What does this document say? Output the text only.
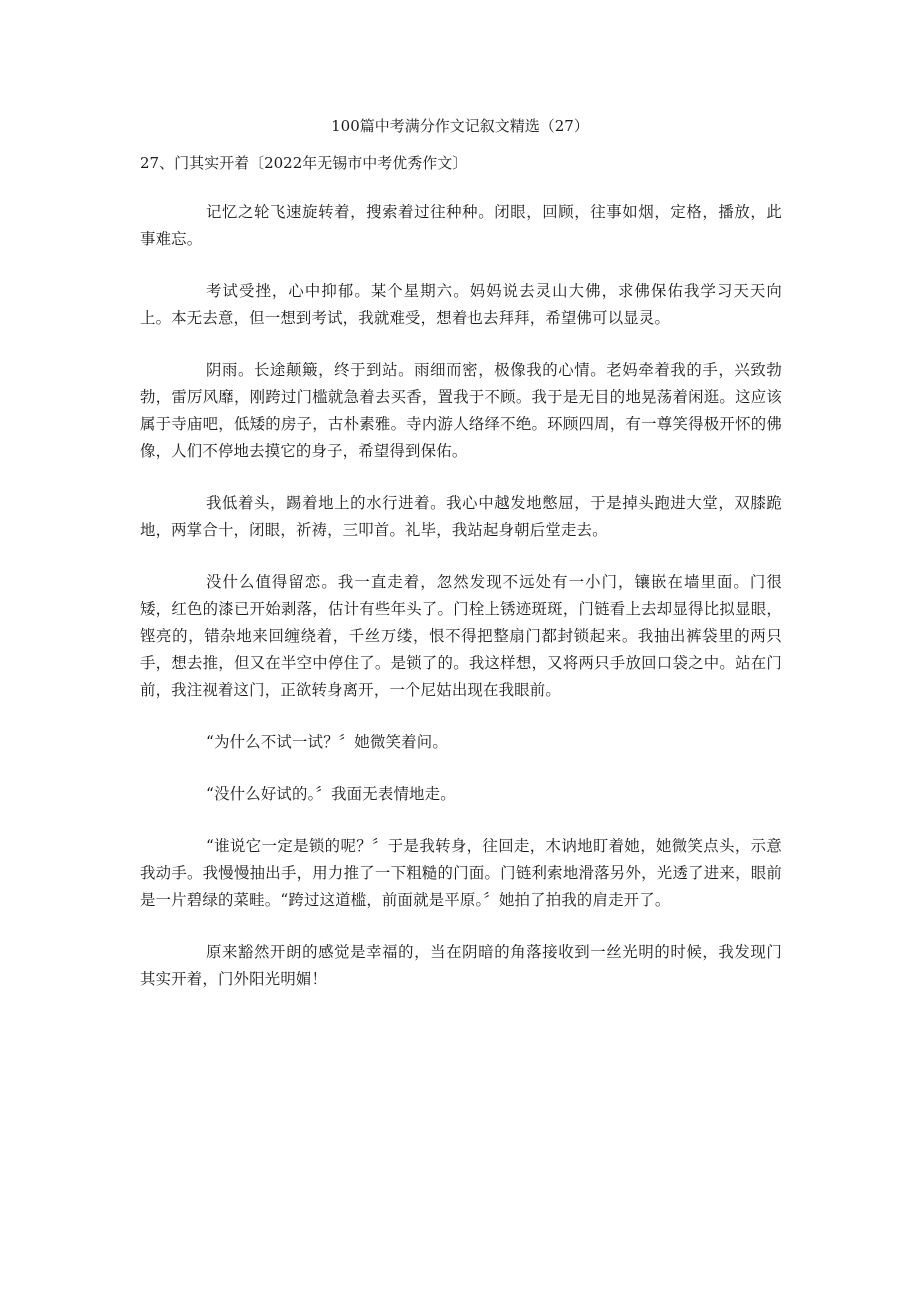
100篇中考满分作文记叙文精选（27）

27、门其实开着〔2022年无锡市中考优秀作文〕

记忆之轮飞速旋转着，搜索着过往种种。闭眼，回顾，往事如烟，定格，播放，此事难忘。

考试受挫，心中抑郁。某个星期六。妈妈说去灵山大佛，求佛保佑我学习天天向上。本无去意，但一想到考试，我就难受，想着也去拜拜，希望佛可以显灵。

阴雨。长途颠簸，终于到站。雨细而密，极像我的心情。老妈牵着我的手，兴致勃勃，雷厉风靡，刚跨过门槛就急着去买香，置我于不顾。我于是无目的地晃荡着闲逛。这应该属于寺庙吧，低矮的房子，古朴素雅。寺内游人络绎不绝。环顾四周，有一尊笑得极开怀的佛像，人们不停地去摸它的身子，希望得到保佑。

我低着头，踢着地上的水行进着。我心中越发地憋屈，于是掉头跑进大堂，双膝跪地，两掌合十，闭眼，祈祷，三叩首。礼毕，我站起身朝后堂走去。

没什么值得留恋。我一直走着，忽然发现不远处有一小门，镶嵌在墙里面。门很矮，红色的漆已开始剥落，估计有些年头了。门栓上锈迹斑斑，门链看上去却显得比拟显眼，铿亮的，错杂地来回缠绕着，千丝万缕，恨不得把整扇门都封锁起来。我抽出裤袋里的两只手，想去推，但又在半空中停住了。是锁了的。我这样想，又将两只手放回口袋之中。站在门前，我注视着这门，正欲转身离开，一个尼姑出现在我眼前。

“为什么不试一试？〞她微笑着问。

“没什么好试的。〞我面无表情地走。

“谁说它一定是锁的呢？〞于是我转身，往回走，木讷地盯着她，她微笑点头，示意我动手。我慢慢抽出手，用力推了一下粗糙的门面。门链利索地滑落另外，光透了进来，眼前是一片碧绿的菜畦。“跨过这道槛，前面就是平原。〞她拍了拍我的肩走开了。

原来豁然开朗的感觉是幸福的，当在阴暗的角落接收到一丝光明的时候，我发现门其实开着，门外阳光明媚！
